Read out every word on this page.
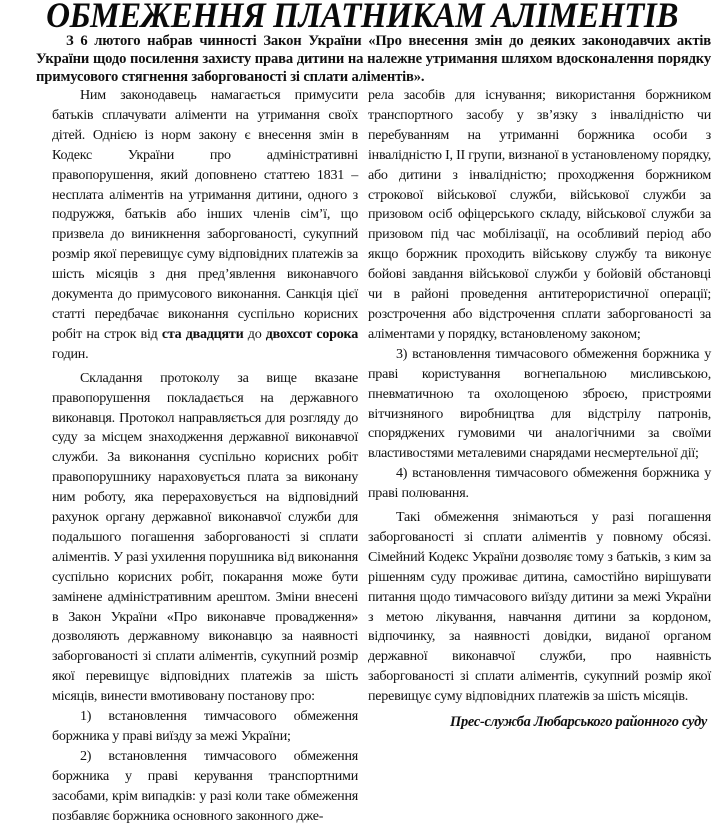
ОБМЕЖЕННЯ ПЛАТНИКАМ АЛІМЕНТІВ
З 6 лютого набрав чинності Закон України «Про внесення змін до деяких законодавчих актів України щодо посилення захисту права дитини на належне утримання шляхом вдосконалення порядку примусового стягнення заборгованості зі сплати аліментів».

Ним законодавець намагається примусити батьків сплачувати аліменти на утримання своїх дітей. Однією із норм закону є внесення змін в Кодекс України про адміністративні правопорушення, який доповнено статтею 1831 – несплата аліментів на утримання дитини, одного з подружжя, батьків або інших членів сім’ї, що призвела до виникнення заборгованості, сукупний розмір якої перевищує суму відповідних платежів за шість місяців з дня пред’явлення виконавчого документа до примусового виконання. Санкція цієї статті передбачає виконання суспільно корисних робіт на строк від ста двадцяти до двохсот сорока годин.

Складання протоколу за вище вказане правопорушення покладається на державного виконавця. Протокол направляється для розгляду до суду за місцем знаходження державної виконавчої служби. За виконання суспільно корисних робіт правопорушнику нараховується плата за виконану ним роботу, яка перераховується на відповідний рахунок органу державної виконавчої служби для подальшого погашення заборгованості зі сплати аліментів. У разі ухилення порушника від виконання суспільно корисних робіт, покарання може бути замінене адміністративним арештом. Зміни внесені в Закон України «Про виконавче провадження» дозволяють державному виконавцю за наявності заборгованості зі сплати аліментів, сукупний розмір якої перевищує відповідних платежів за шість місяців, винести вмотивовану постанову про:

1) встановлення тимчасового обмеження боржника у праві виїзду за межі України;

2) встановлення тимчасового обмеження боржника у праві керування транспортними засобами, крім випадків: у разі коли таке обмеження позбавляє боржника основного законного дже-

рела засобів для існування; використання боржником транспортного засобу у зв’язку з інвалідністю чи перебуванням на утриманні боржника особи з інвалідністю I, II групи, визнаної в установленому порядку, або дитини з інвалідністю; проходження боржником строкової військової служби, військової служби за призовом осіб офіцерського складу, військової служби за призовом під час мобілізації, на особливий період або якщо боржник проходить військову службу та виконує бойові завдання військової служби у бойовій обстановці чи в районі проведення антитерористичної операції; розстрочення або відстрочення сплати заборгованості за аліментами у порядку, встановленому законом;

3) встановлення тимчасового обмеження боржника у праві користування вогнепальною мисливською, пневматичною та охолощеною зброєю, пристроями вітчизняного виробництва для відстрілу патронів, споряджених гумовими чи аналогічними за своїми властивостями металевими снарядами несмертельної дії;

4) встановлення тимчасового обмеження боржника у праві полювання.

Такі обмеження знімаються у разі погашення заборгованості зі сплати аліментів у повному обсязі. Сімейний Кодекс України дозволяє тому з батьків, з ким за рішенням суду проживає дитина, самостійно вирішувати питання щодо тимчасового виїзду дитини за межі України з метою лікування, навчання дитини за кордоном, відпочинку, за наявності довідки, виданої органом державної виконавчої служби, про наявність заборгованості зі сплати аліментів, сукупний розмір якої перевищує суму відповідних платежів за шість місяців.

Прес-служба Любарського районного суду
